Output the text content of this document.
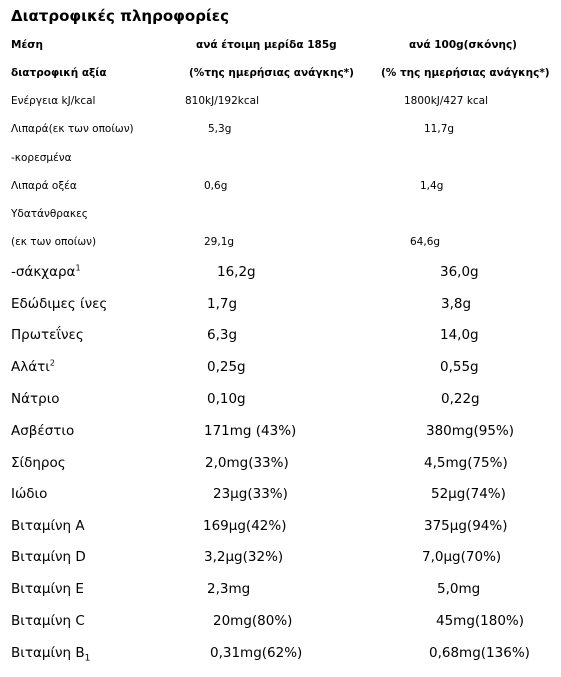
Διατροφικές πληροφορίες
Μέση	ανά έτοιμη μερίδα 185g	ανά 100g(σκόνης)
διατροφική αξία	(%της ημερήσιας ανάγκης*)	(% της ημερήσιας ανάγκης*)
Ενέργεια kJ/kcal	810kJ/192kcal	1800kJ/427 kcal
Λιπαρά(εκ των οποίων)	5,3g	11,7g
-κορεσμένα
Λιπαρά οξέα	0,6g	1,4g
Υδατάνθρακες
(εκ των οποίων)	29,1g	64,6g
-σάκχαρα$^1$	16,2g	36,0g
Εδώδιμες ίνες	1,7g	3,8g
Πρωτεΐνες	6,3g	14,0g
Αλάτι$^2$	0,25g	0,55g
Νάτριο	0,10g	0,22g
Ασβέστιο	171mg (43%)	380mg(95%)
Σίδηρος	2,0mg(33%)	4,5mg(75%)
Ιώδιο	23μg(33%)	52μg(74%)
Βιταμίνη Α	169μg(42%)	375μg(94%)
Βιταμίνη D	3,2μg(32%)	7,0μg(70%)
Βιταμίνη Ε	2,3mg	5,0mg
Βιταμίνη C	20mg(80%)	45mg(180%)
Βιταμίνη $B_1$	0,31mg(62%)	0,68mg(136%)
